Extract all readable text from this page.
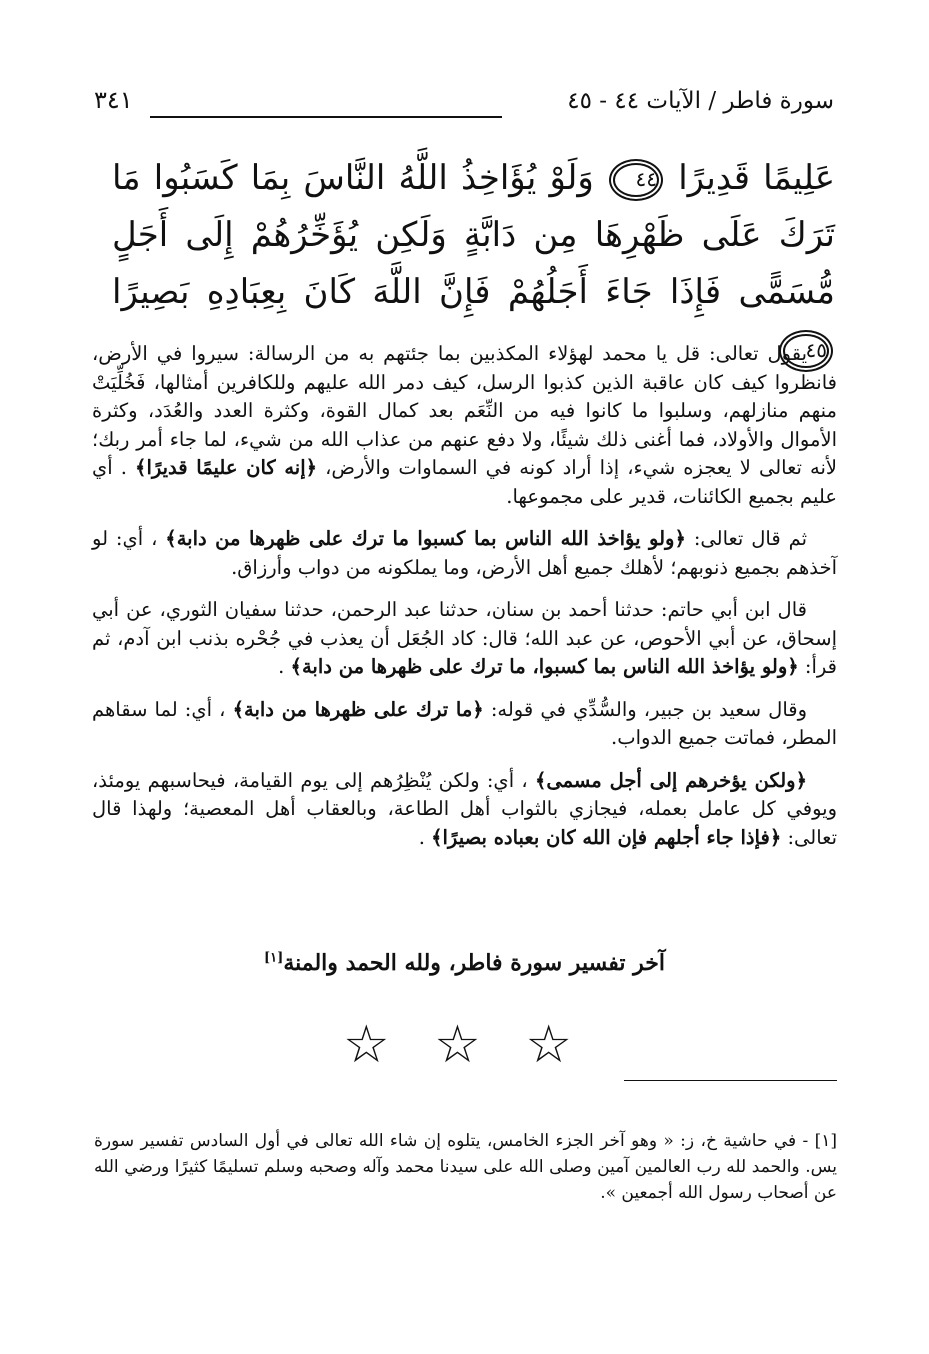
سورة فاطر / الآيات ٤٤ - ٤٥
٣٤١
عَلِيمًا قَدِيرًا ٤٤ وَلَوْ يُؤَاخِذُ اللَّهُ النَّاسَ بِمَا كَسَبُوا مَا تَرَكَ عَلَى ظَهْرِهَا مِن دَابَّةٍ وَلَكِن يُؤَخِّرُهُمْ إِلَى أَجَلٍ مُّسَمًّى فَإِذَا جَاءَ أَجَلُهُمْ فَإِنَّ اللَّهَ كَانَ بِعِبَادِهِ بَصِيرًا ٤٥

يقول تعالى: قل يا محمد لهؤلاء المكذبين بما جئتهم به من الرسالة: سيروا في الأرض، فانظروا كيف كان عاقبة الذين كذبوا الرسل، كيف دمر الله عليهم وللكافرين أمثالها، فَخُلِّيَتْ منهم منازلهم، وسلبوا ما كانوا فيه من النِّعَم بعد كمال القوة، وكثرة العدد والعُدَد، وكثرة الأموال والأولاد، فما أغنى ذلك شيئًا، ولا دفع عنهم من عذاب الله من شيء، لما جاء أمر ربك؛ لأنه تعالى لا يعجزه شيء، إذا أراد كونه في السماوات والأرض، ﴿إنه كان عليمًا قديرًا﴾ . أي عليم بجميع الكائنات، قدير على مجموعها.

ثم قال تعالى: ﴿ولو يؤاخذ الله الناس بما كسبوا ما ترك على ظهرها من دابة﴾ ، أي: لو آخذهم بجميع ذنوبهم؛ لأهلك جميع أهل الأرض، وما يملكونه من دواب وأرزاق.

قال ابن أبي حاتم: حدثنا أحمد بن سنان، حدثنا عبد الرحمن، حدثنا سفيان الثوري، عن أبي إسحاق، عن أبي الأحوص، عن عبد الله؛ قال: كاد الجُعَل أن يعذب في جُحْره بذنب ابن آدم، ثم قرأ: ﴿ولو يؤاخذ الله الناس بما كسبوا، ما ترك على ظهرها من دابة﴾ .

وقال سعيد بن جبير، والسُّدِّي في قوله: ﴿ما ترك على ظهرها من دابة﴾ ، أي: لما سقاهم المطر، فماتت جميع الدواب.

﴿ولكن يؤخرهم إلى أجل مسمى﴾ ، أي: ولكن يُنْظِرُهم إلى يوم القيامة، فيحاسبهم يومئذ، ويوفي كل عامل بعمله، فيجازي بالثواب أهل الطاعة، وبالعقاب أهل المعصية؛ ولهذا قال تعالى: ﴿فإذا جاء أجلهم فإن الله كان بعباده بصيرًا﴾ .

آخر تفسير سورة فاطر، ولله الحمد والمنة[١]
☆ ☆ ☆
[١] - في حاشية خ، ز: « وهو آخر الجزء الخامس، يتلوه إن شاء الله تعالى في أول السادس تفسير سورة يس. والحمد لله رب العالمين آمين وصلى الله على سيدنا محمد وآله وصحبه وسلم تسليمًا كثيرًا ورضي الله عن أصحاب رسول الله أجمعين ».
